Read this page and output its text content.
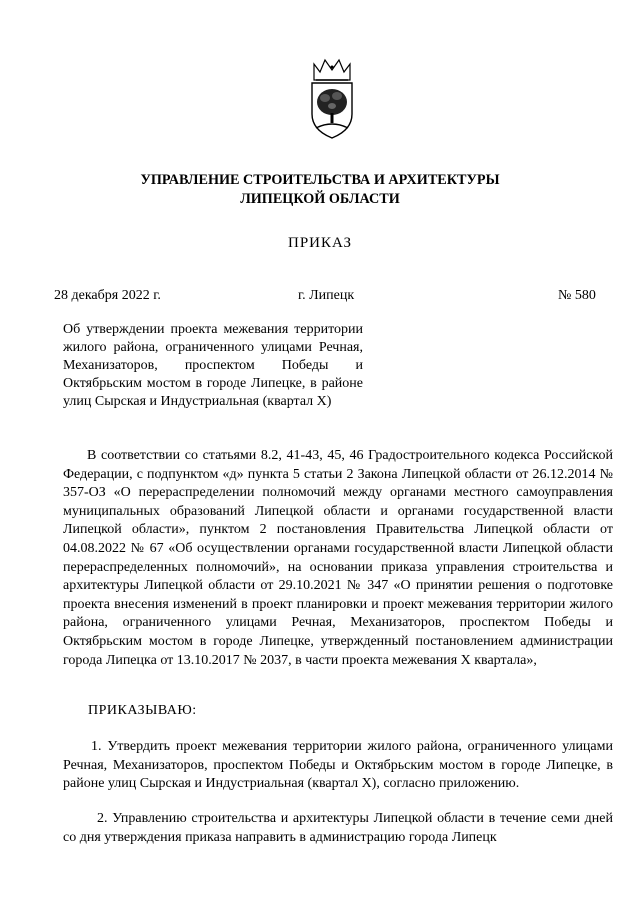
УПРАВЛЕНИЕ СТРОИТЕЛЬСТВА И АРХИТЕКТУРЫ
ЛИПЕЦКОЙ ОБЛАСТИ
ПРИКАЗ
28 декабря 2022 г.	г. Липецк	№ 580
Об утверждении проекта межевания территории жилого района, ограниченного улицами Речная, Механизаторов, проспектом Победы и Октябрьским мостом в городе Липецке, в районе улиц Сырская и Индустриальная (квартал Х)
В соответствии со статьями 8.2, 41-43, 45, 46 Градостроительного кодекса Российской Федерации, с подпунктом «д» пункта 5 статьи 2 Закона Липецкой области от 26.12.2014 № 357-ОЗ «О перераспределении полномочий между органами местного самоуправления муниципальных образований Липецкой области и органами государственной власти Липецкой области», пунктом 2 постановления Правительства Липецкой области от 04.08.2022 № 67 «Об осуществлении органами государственной власти Липецкой области перераспределенных полномочий», на основании приказа управления строительства и архитектуры Липецкой области от 29.10.2021 № 347 «О принятии решения о подготовке проекта внесения изменений в проект планировки и проект межевания территории жилого района, ограниченного улицами Речная, Механизаторов, проспектом Победы и Октябрьским мостом в городе Липецке, утвержденный постановлением администрации города Липецка от 13.10.2017 № 2037, в части проекта межевания Х квартала»,
ПРИКАЗЫВАЮ:
1. Утвердить проект межевания территории жилого района, ограниченного улицами Речная, Механизаторов, проспектом Победы и Октябрьским мостом в городе Липецке, в районе улиц Сырская и Индустриальная (квартал Х), согласно приложению.
2. Управлению строительства и архитектуры Липецкой области в течение семи дней со дня утверждения приказа направить в администрацию города Липецк
